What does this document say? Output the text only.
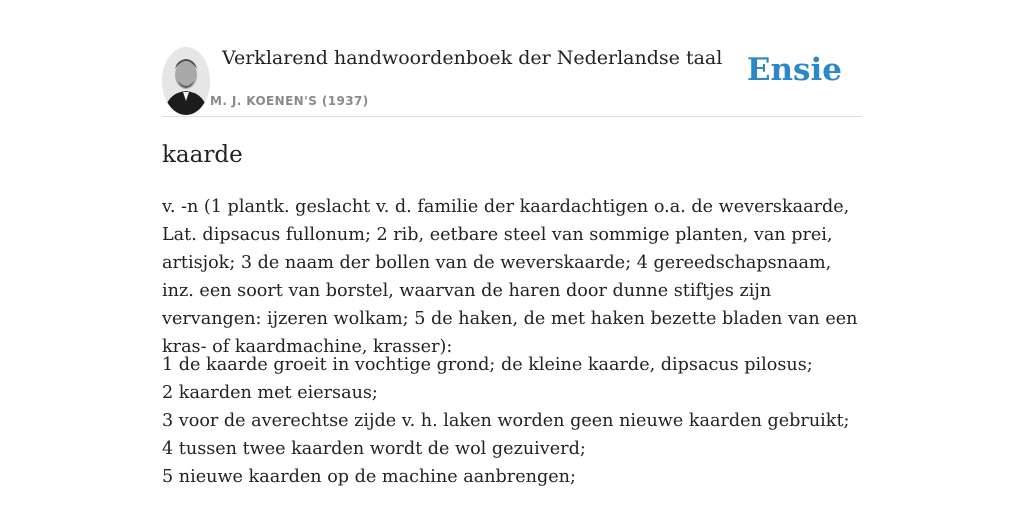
Verklarend handwoordenboek der Nederlandse taal
M. J. KOENEN'S (1937)
Ensie
kaarde

v. -n (1 plantk. geslacht v. d. familie der kaardachtigen o.a. de weverskaarde, Lat. dipsacus fullonum; 2 rib, eetbare steel van sommige planten, van prei, artisjok; 3 de naam der bollen van de weverskaarde; 4 gereedschapsnaam, inz. een soort van borstel, waarvan de haren door dunne stiftjes zijn vervangen: ijzeren wolkam; 5 de haken, de met haken bezette bladen van een kras- of kaardmachine, krasser):

1 de kaarde groeit in vochtige grond; de kleine kaarde, dipsacus pilosus;
2 kaarden met eiersaus;
3 voor de averechtse zijde v. h. laken worden geen nieuwe kaarden gebruikt;
4 tussen twee kaarden wordt de wol gezuiverd;
5 nieuwe kaarden op de machine aanbrengen;
